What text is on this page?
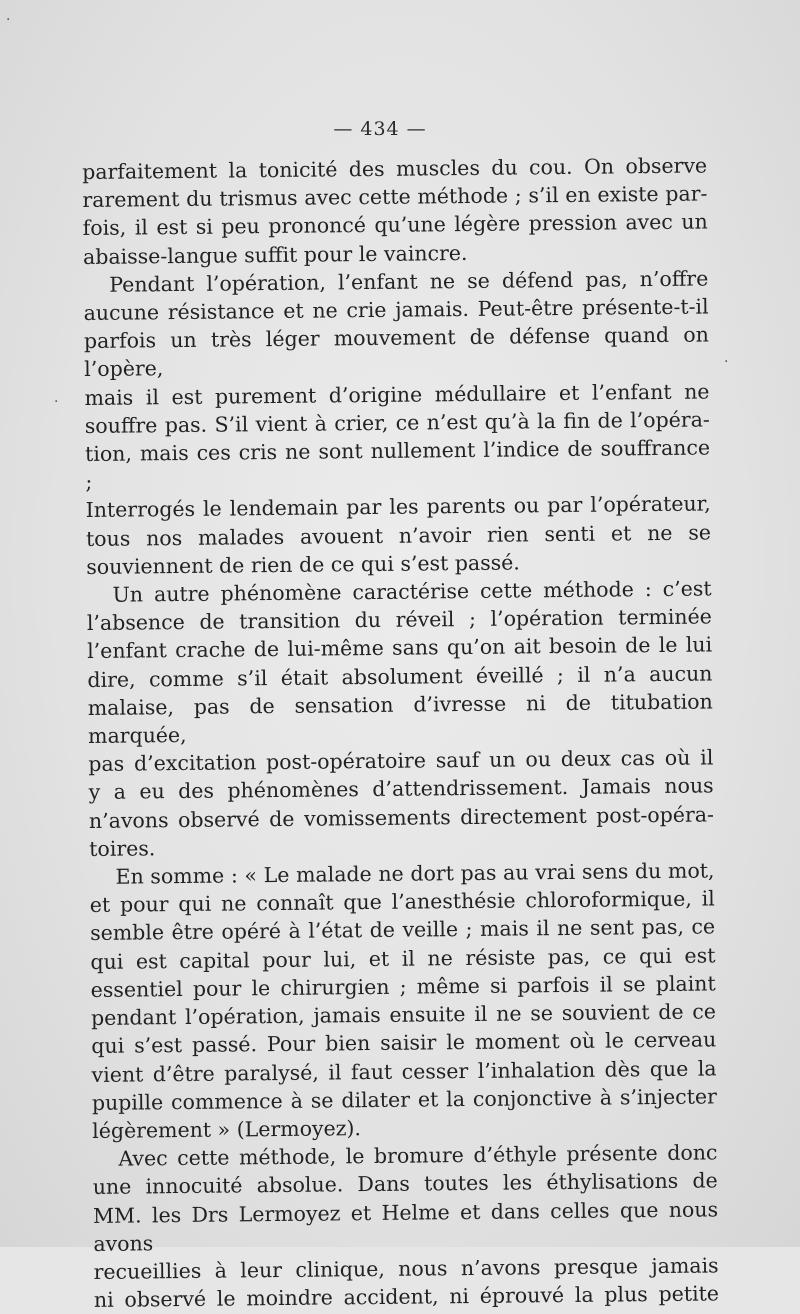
·
·
·
— 434 —

parfaitement la tonicité des muscles du cou. On observe

rarement du trismus avec cette méthode ; s’il en existe par-

fois, il est si peu prononcé qu’une légère pression avec un

abaisse-langue suffit pour le vaincre.

Pendant l’opération, l’enfant ne se défend pas, n’offre

aucune résistance et ne crie jamais. Peut-être présente-t-il

parfois un très léger mouvement de défense quand on l’opère,

mais il est purement d’origine médullaire et l’enfant ne

souffre pas. S’il vient à crier, ce n’est qu’à la fin de l’opéra-

tion, mais ces cris ne sont nullement l’indice de souffrance ;

Interrogés le lendemain par les parents ou par l’opérateur,

tous nos malades avouent n’avoir rien senti et ne se

souviennent de rien de ce qui s’est passé.

Un autre phénomène caractérise cette méthode : c’est

l’absence de transition du réveil ; l’opération terminée

l’enfant crache de lui-même sans qu’on ait besoin de le lui

dire, comme s’il était absolument éveillé ; il n’a aucun

malaise, pas de sensation d’ivresse ni de titubation marquée,

pas d’excitation post-opératoire sauf un ou deux cas où il

y a eu des phénomènes d’attendrissement. Jamais nous

n’avons observé de vomissements directement post-opéra-

toires.

En somme : « Le malade ne dort pas au vrai sens du mot,

et pour qui ne connaît que l’anesthésie chloroformique, il

semble être opéré à l’état de veille ; mais il ne sent pas, ce

qui est capital pour lui, et il ne résiste pas, ce qui est

essentiel pour le chirurgien ; même si parfois il se plaint

pendant l’opération, jamais ensuite il ne se souvient de ce

qui s’est passé. Pour bien saisir le moment où le cerveau

vient d’être paralysé, il faut cesser l’inhalation dès que la

pupille commence à se dilater et la conjonctive à s’injecter

légèrement » (Lermoyez).

Avec cette méthode, le bromure d’éthyle présente donc

une innocuité absolue. Dans toutes les éthylisations de

MM. les Drs Lermoyez et Helme et dans celles que nous avons

recueillies à leur clinique, nous n’avons presque jamais

ni observé le moindre accident, ni éprouvé la plus petite
